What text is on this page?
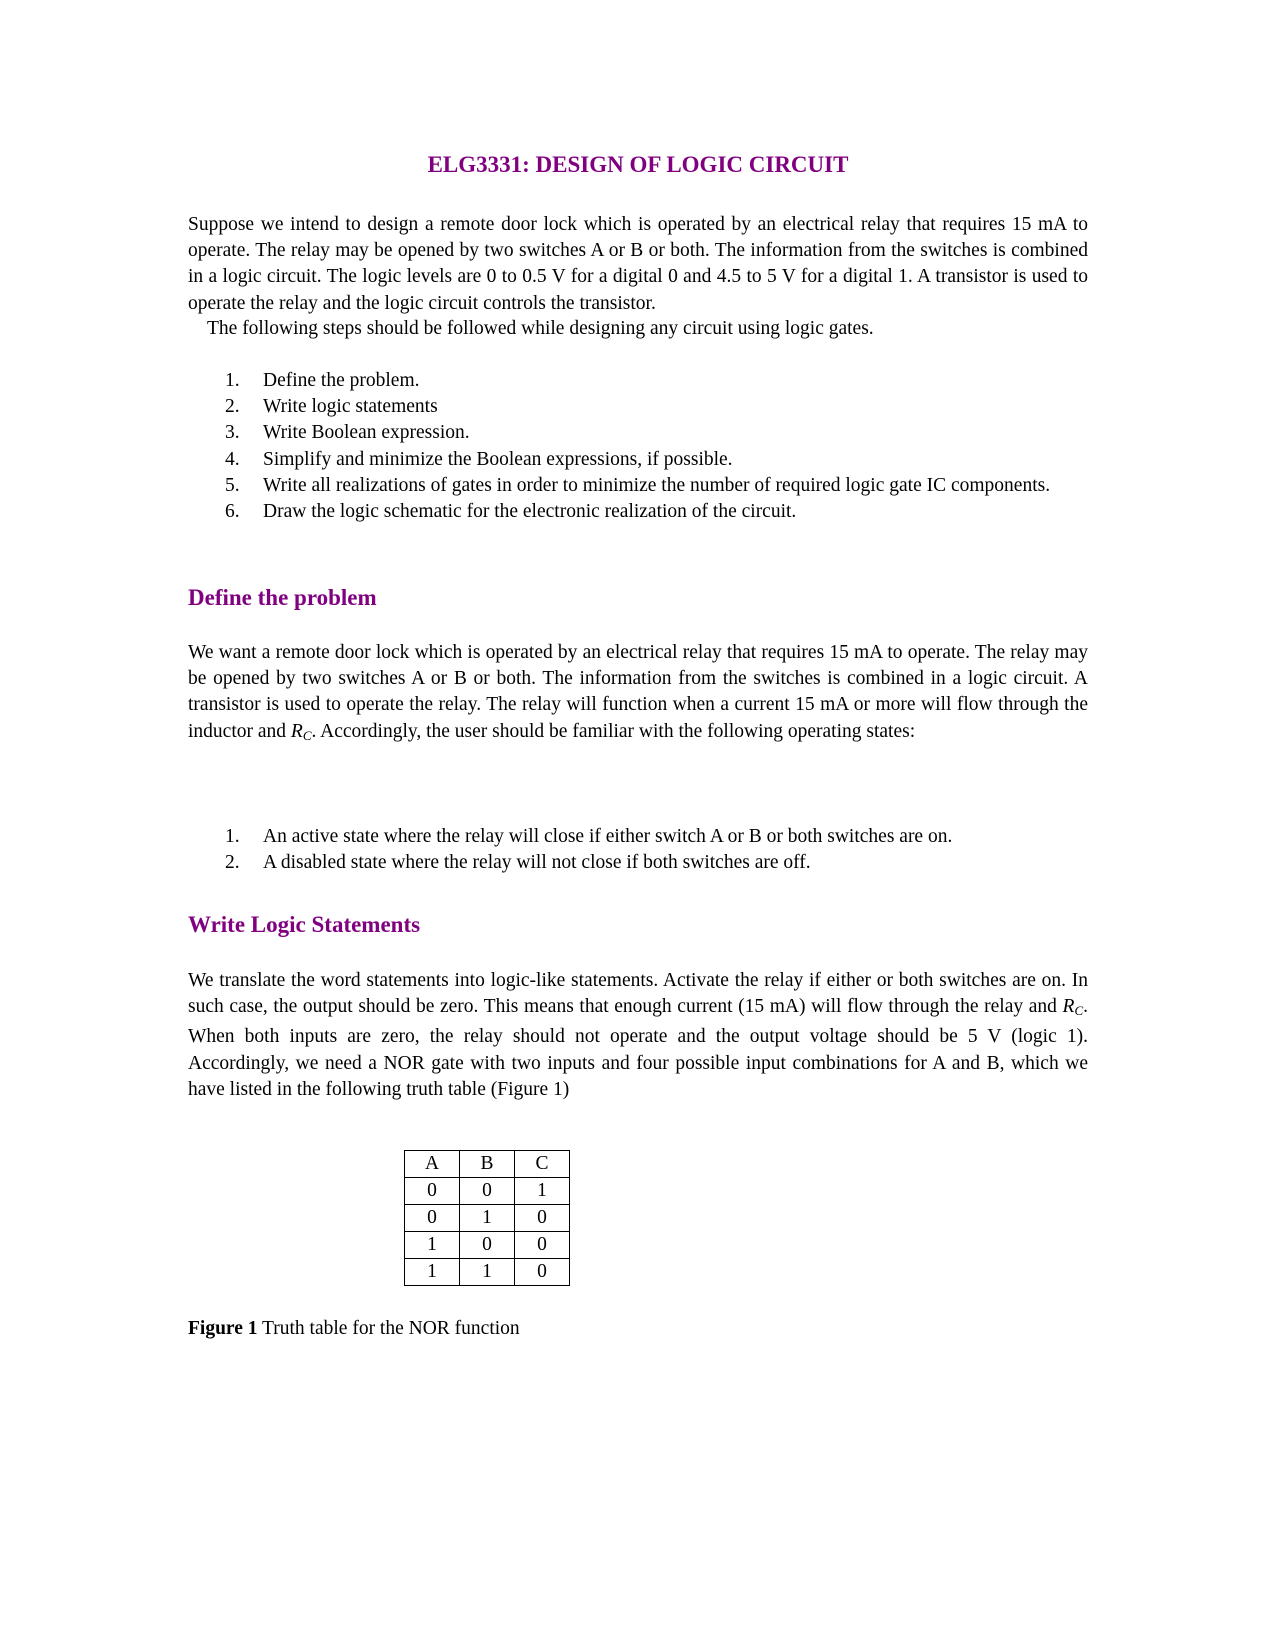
ELG3331: DESIGN OF LOGIC CIRCUIT

Suppose we intend to design a remote door lock which is operated by an electrical relay that requires 15 mA to operate. The relay may be opened by two switches A or B or both. The information from the switches is combined in a logic circuit. The logic levels are 0 to 0.5 V for a digital 0 and 4.5 to 5 V for a digital 1. A transistor is used to operate the relay and the logic circuit controls the transistor.

The following steps should be followed while designing any circuit using logic gates.

1.	Define the problem.
2.	Write logic statements
3.	Write Boolean expression.
4.	Simplify and minimize the Boolean expressions, if possible.
5.	Write all realizations of gates in order to minimize the number of required logic gate IC components.
6.	Draw the logic schematic for the electronic realization of the circuit.
Define the problem

We want a remote door lock which is operated by an electrical relay that requires 15 mA to operate. The relay may be opened by two switches A or B or both. The information from the switches is combined in a logic circuit. A transistor is used to operate the relay. The relay will function when a current 15 mA or more will flow through the inductor and $R_C$. Accordingly, the user should be familiar with the following operating states:

1.	An active state where the relay will close if either switch A or B or both switches are on.
2.	A disabled state where the relay will not close if both switches are off.
Write Logic Statements

We translate the word statements into logic-like statements. Activate the relay if either or both switches are on. In such case, the output should be zero. This means that enough current (15 mA) will flow through the relay and $R_C$. When both inputs are zero, the relay should not operate and the output voltage should be 5 V (logic 1). Accordingly, we need a NOR gate with two inputs and four possible input combinations for A and B, which we have listed in the following truth table (Figure 1)

A	B	C
0	0	1
0	1	0
1	0	0
1	1	0

Figure 1 Truth table for the NOR function
